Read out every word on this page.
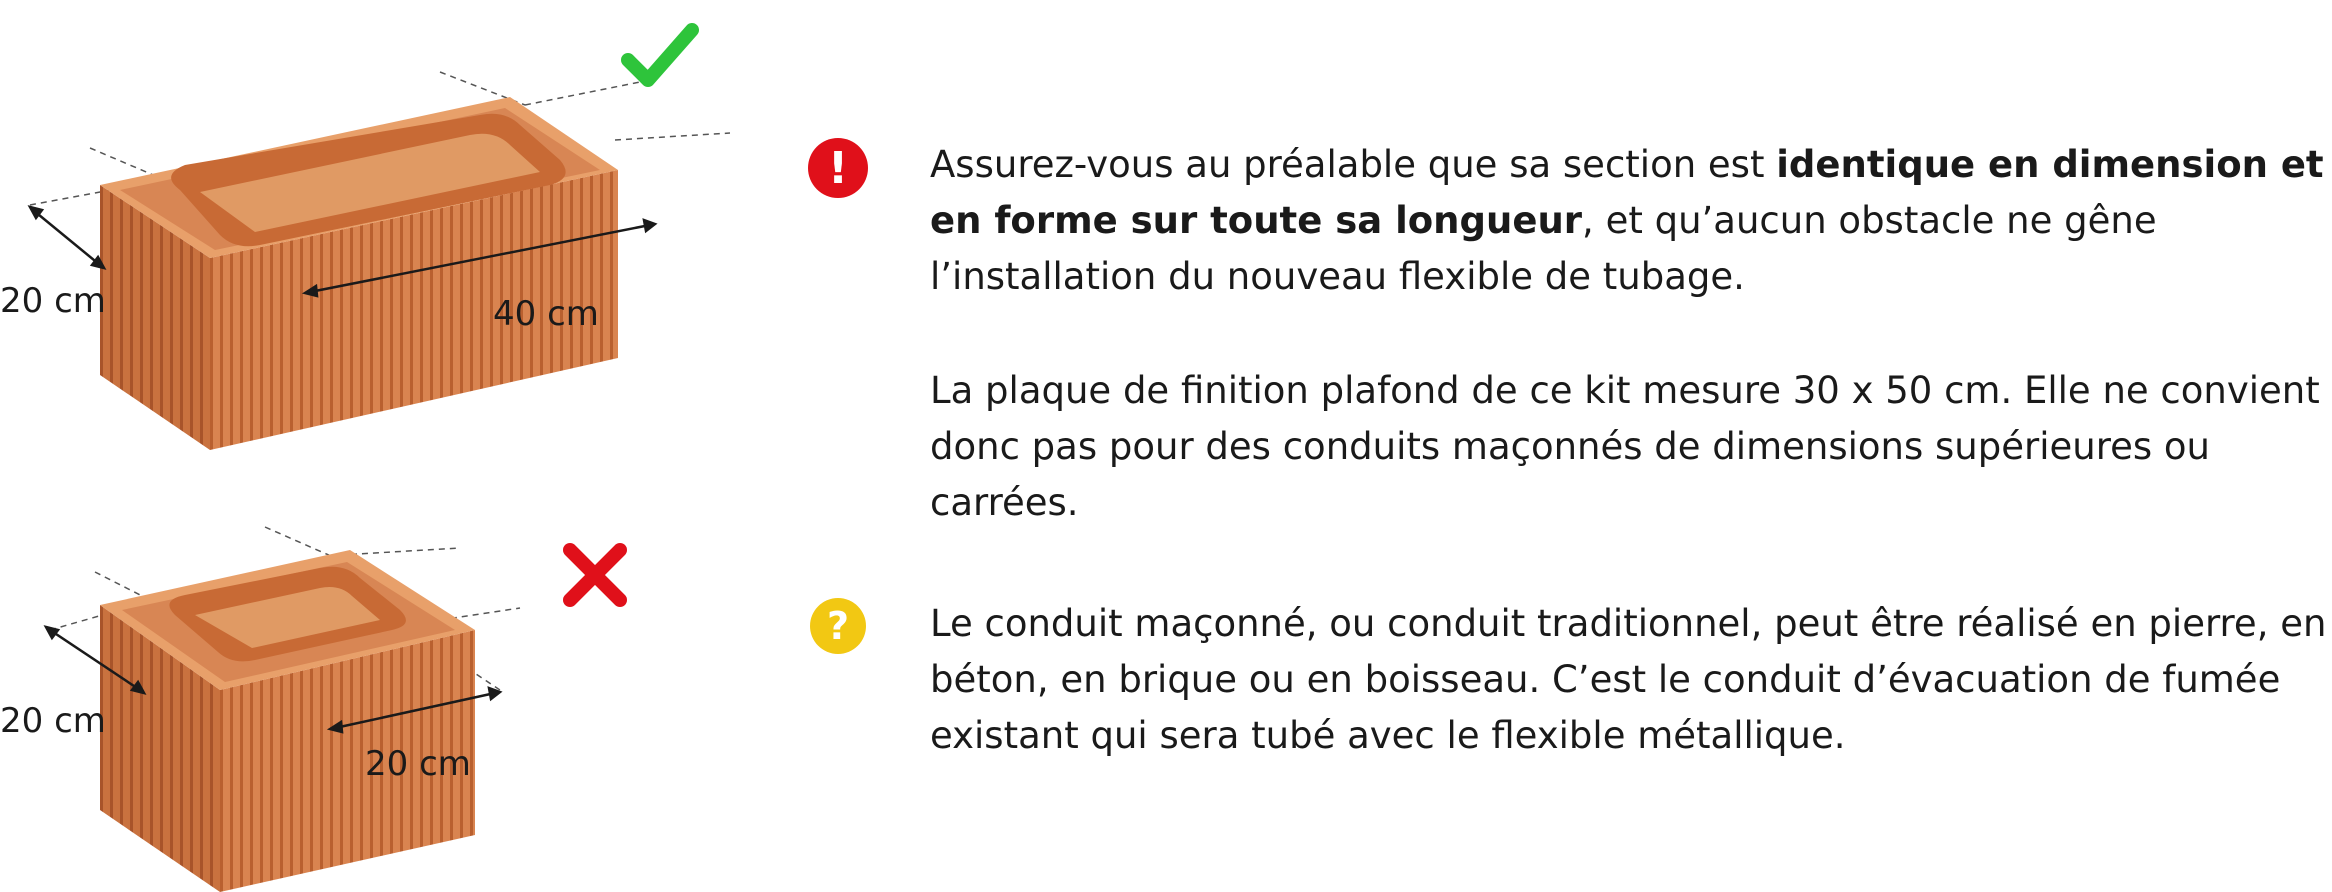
20 cm	40 cm
20 cm
20 cm
! Assurez-vous au préalable que sa section est identique en dimension et en forme sur toute sa longueur, et qu’aucun obstacle ne gêne l’installation du nouveau flexible de tubage.

La plaque de finition plafond de ce kit mesure 30 x 50 cm. Elle ne convient donc pas pour des conduits maçonnés de dimensions supérieures ou carrées.

? Le conduit maçonné, ou conduit traditionnel, peut être réalisé en pierre, en béton, en brique ou en boisseau. C’est le conduit d’évacuation de fumée existant qui sera tubé avec le flexible métallique.
